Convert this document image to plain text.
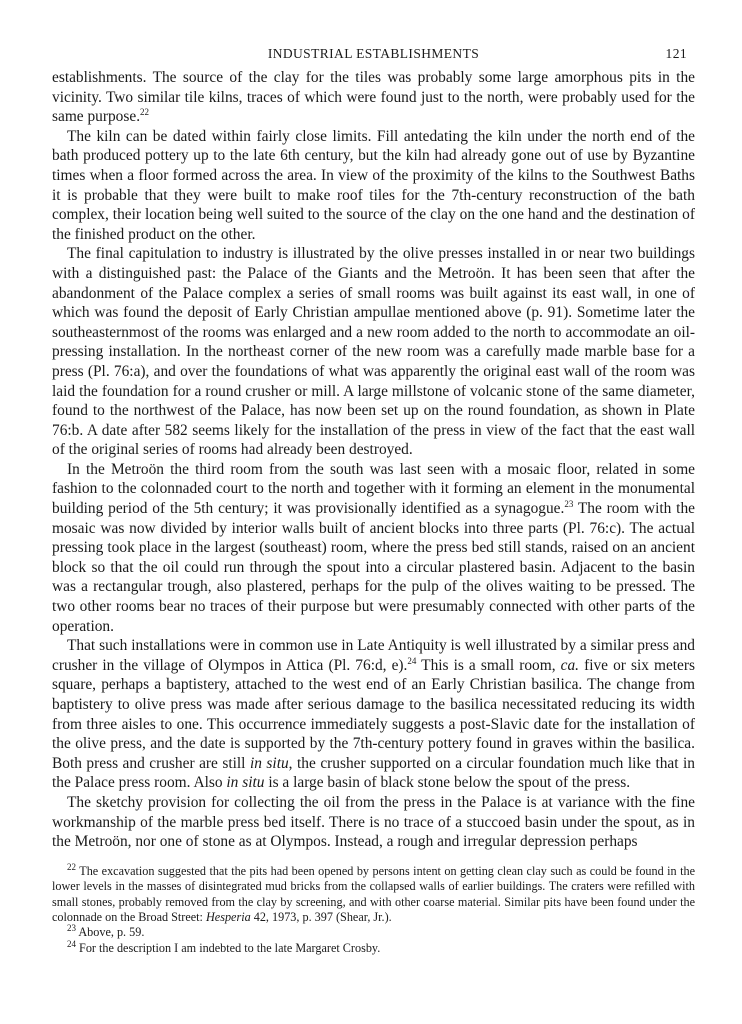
INDUSTRIAL ESTABLISHMENTS	121

establishments. The source of the clay for the tiles was probably some large amorphous pits in the vicinity. Two similar tile kilns, traces of which were found just to the north, were probably used for the same purpose.$^{22}$

The kiln can be dated within fairly close limits. Fill antedating the kiln under the north end of the bath produced pottery up to the late 6th century, but the kiln had already gone out of use by Byzantine times when a floor formed across the area. In view of the proximity of the kilns to the Southwest Baths it is probable that they were built to make roof tiles for the 7th-century reconstruction of the bath complex, their location being well suited to the source of the clay on the one hand and the destination of the finished product on the other.

The final capitulation to industry is illustrated by the olive presses installed in or near two buildings with a distinguished past: the Palace of the Giants and the Metroön. It has been seen that after the abandonment of the Palace complex a series of small rooms was built against its east wall, in one of which was found the deposit of Early Christian ampullae mentioned above (p. 91). Sometime later the southeasternmost of the rooms was enlarged and a new room added to the north to accommodate an oil-pressing installation. In the northeast corner of the new room was a carefully made marble base for a press (Pl. 76:a), and over the foundations of what was apparently the original east wall of the room was laid the foundation for a round crusher or mill. A large millstone of volcanic stone of the same diameter, found to the northwest of the Palace, has now been set up on the round foundation, as shown in Plate 76:b. A date after 582 seems likely for the installation of the press in view of the fact that the east wall of the original series of rooms had already been destroyed.

In the Metroön the third room from the south was last seen with a mosaic floor, related in some fashion to the colonnaded court to the north and together with it forming an element in the monumental building period of the 5th century; it was provisionally identified as a synagogue.$^{23}$ The room with the mosaic was now divided by interior walls built of ancient blocks into three parts (Pl. 76:c). The actual pressing took place in the largest (southeast) room, where the press bed still stands, raised on an ancient block so that the oil could run through the spout into a circular plastered basin. Adjacent to the basin was a rectangular trough, also plastered, perhaps for the pulp of the olives waiting to be pressed. The two other rooms bear no traces of their purpose but were presumably connected with other parts of the operation.

That such installations were in common use in Late Antiquity is well illustrated by a similar press and crusher in the village of Olympos in Attica (Pl. 76:d, e).$^{24}$ This is a small room, ca. five or six meters square, perhaps a baptistery, attached to the west end of an Early Christian basilica. The change from baptistery to olive press was made after serious damage to the basilica necessitated reducing its width from three aisles to one. This occurrence immediately suggests a post-Slavic date for the installation of the olive press, and the date is supported by the 7th-century pottery found in graves within the basilica. Both press and crusher are still in situ, the crusher supported on a circular foundation much like that in the Palace press room. Also in situ is a large basin of black stone below the spout of the press.

The sketchy provision for collecting the oil from the press in the Palace is at variance with the fine workmanship of the marble press bed itself. There is no trace of a stuccoed basin under the spout, as in the Metroön, nor one of stone as at Olympos. Instead, a rough and irregular depression perhaps

$^{22}$ The excavation suggested that the pits had been opened by persons intent on getting clean clay such as could be found in the lower levels in the masses of disintegrated mud bricks from the collapsed walls of earlier buildings. The craters were refilled with small stones, probably removed from the clay by screening, and with other coarse material. Similar pits have been found under the colonnade on the Broad Street: Hesperia 42, 1973, p. 397 (Shear, Jr.).

$^{23}$ Above, p. 59.

$^{24}$ For the description I am indebted to the late Margaret Crosby.
